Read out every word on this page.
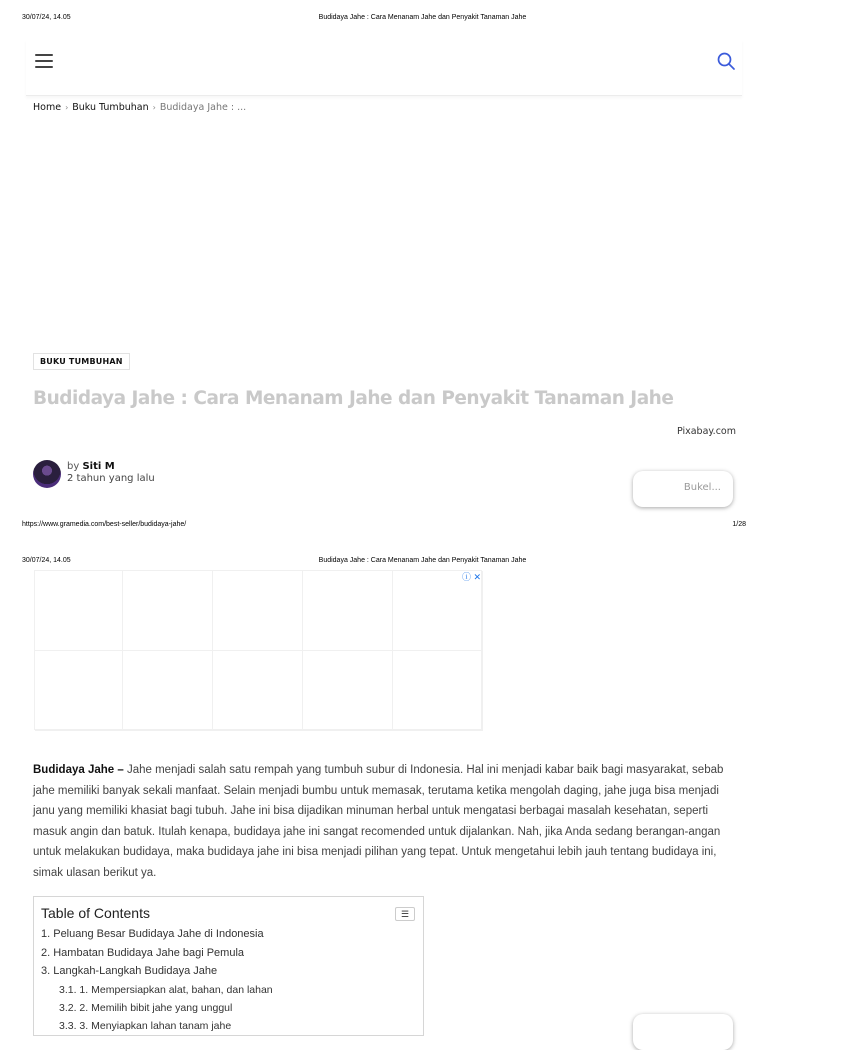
30/07/24, 14.05	Budidaya Jahe : Cara Menanam Jahe dan Penyakit Tanaman Jahe
Home › Buku Tumbuhan › Budidaya Jahe : ...
BUKU TUMBUHAN
Budidaya Jahe : Cara Menanam Jahe dan Penyakit Tanaman Jahe
Pixabay.com
by Siti M
2 tahun yang lalu
Bukel...
https://www.gramedia.com/best-seller/budidaya-jahe/	1/28
30/07/24, 14.05	Budidaya Jahe : Cara Menanam Jahe dan Penyakit Tanaman Jahe
ⓘ ✕

Budidaya Jahe – Jahe menjadi salah satu rempah yang tumbuh subur di Indonesia. Hal ini menjadi kabar baik bagi masyarakat, sebab jahe memiliki banyak sekali manfaat. Selain menjadi bumbu untuk memasak, terutama ketika mengolah daging, jahe juga bisa menjadi janu yang memiliki khasiat bagi tubuh. Jahe ini bisa dijadikan minuman herbal untuk mengatasi berbagai masalah kesehatan, seperti masuk angin dan batuk. Itulah kenapa, budidaya jahe ini sangat recomended untuk dijalankan. Nah, jika Anda sedang berangan-angan untuk melakukan budidaya, maka budidaya jahe ini bisa menjadi pilihan yang tepat. Untuk mengetahui lebih jauh tentang budidaya ini, simak ulasan berikut ya.

Table of Contents	☰
1. Peluang Besar Budidaya Jahe di Indonesia
2. Hambatan Budidaya Jahe bagi Pemula
3. Langkah-Langkah Budidaya Jahe
3.1. 1. Mempersiapkan alat, bahan, dan lahan
3.2. 2. Memilih bibit jahe yang unggul
3.3. 3. Menyiapkan lahan tanam jahe
